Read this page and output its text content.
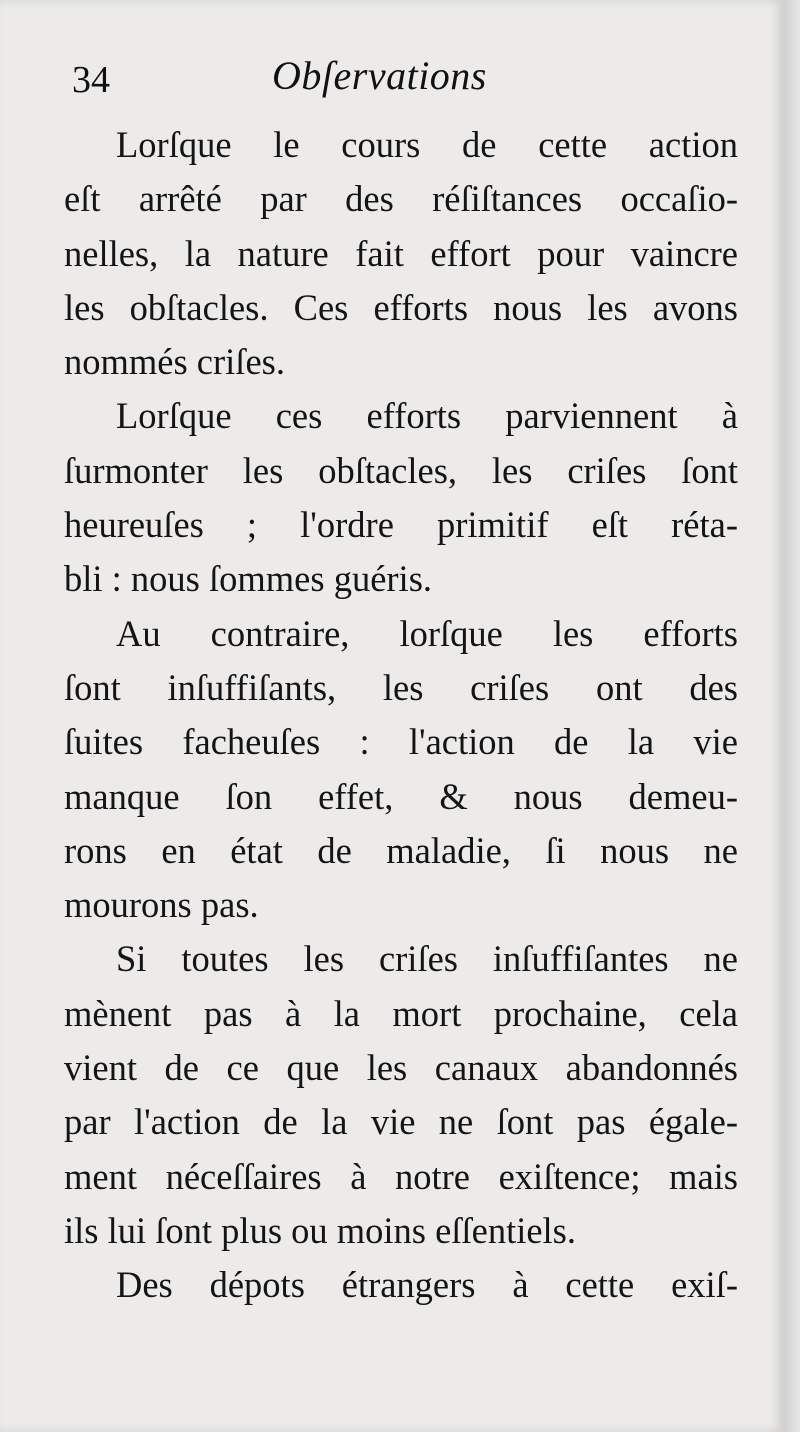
34	Obſervations
Lorſque le cours de cette action
eſt arrêté par des réſiſtances occaſio-
nelles, la nature fait effort pour vaincre
les obſtacles. Ces efforts nous les avons
nommés criſes.
Lorſque ces efforts parviennent à
ſurmonter les obſtacles, les criſes ſont
heureuſes ; l'ordre primitif eſt réta-
bli : nous ſommes guéris.
Au contraire, lorſque les efforts
ſont inſuffiſants, les criſes ont des
ſuites facheuſes : l'action de la vie
manque ſon effet, & nous demeu-
rons en état de maladie, ſi nous ne
mourons pas.
Si toutes les criſes inſuffiſantes ne
mènent pas à la mort prochaine, cela
vient de ce que les canaux abandonnés
par l'action de la vie ne ſont pas égale-
ment néceſſaires à notre exiſtence; mais
ils lui ſont plus ou moins eſſentiels.
Des dépots étrangers à cette exiſ-
